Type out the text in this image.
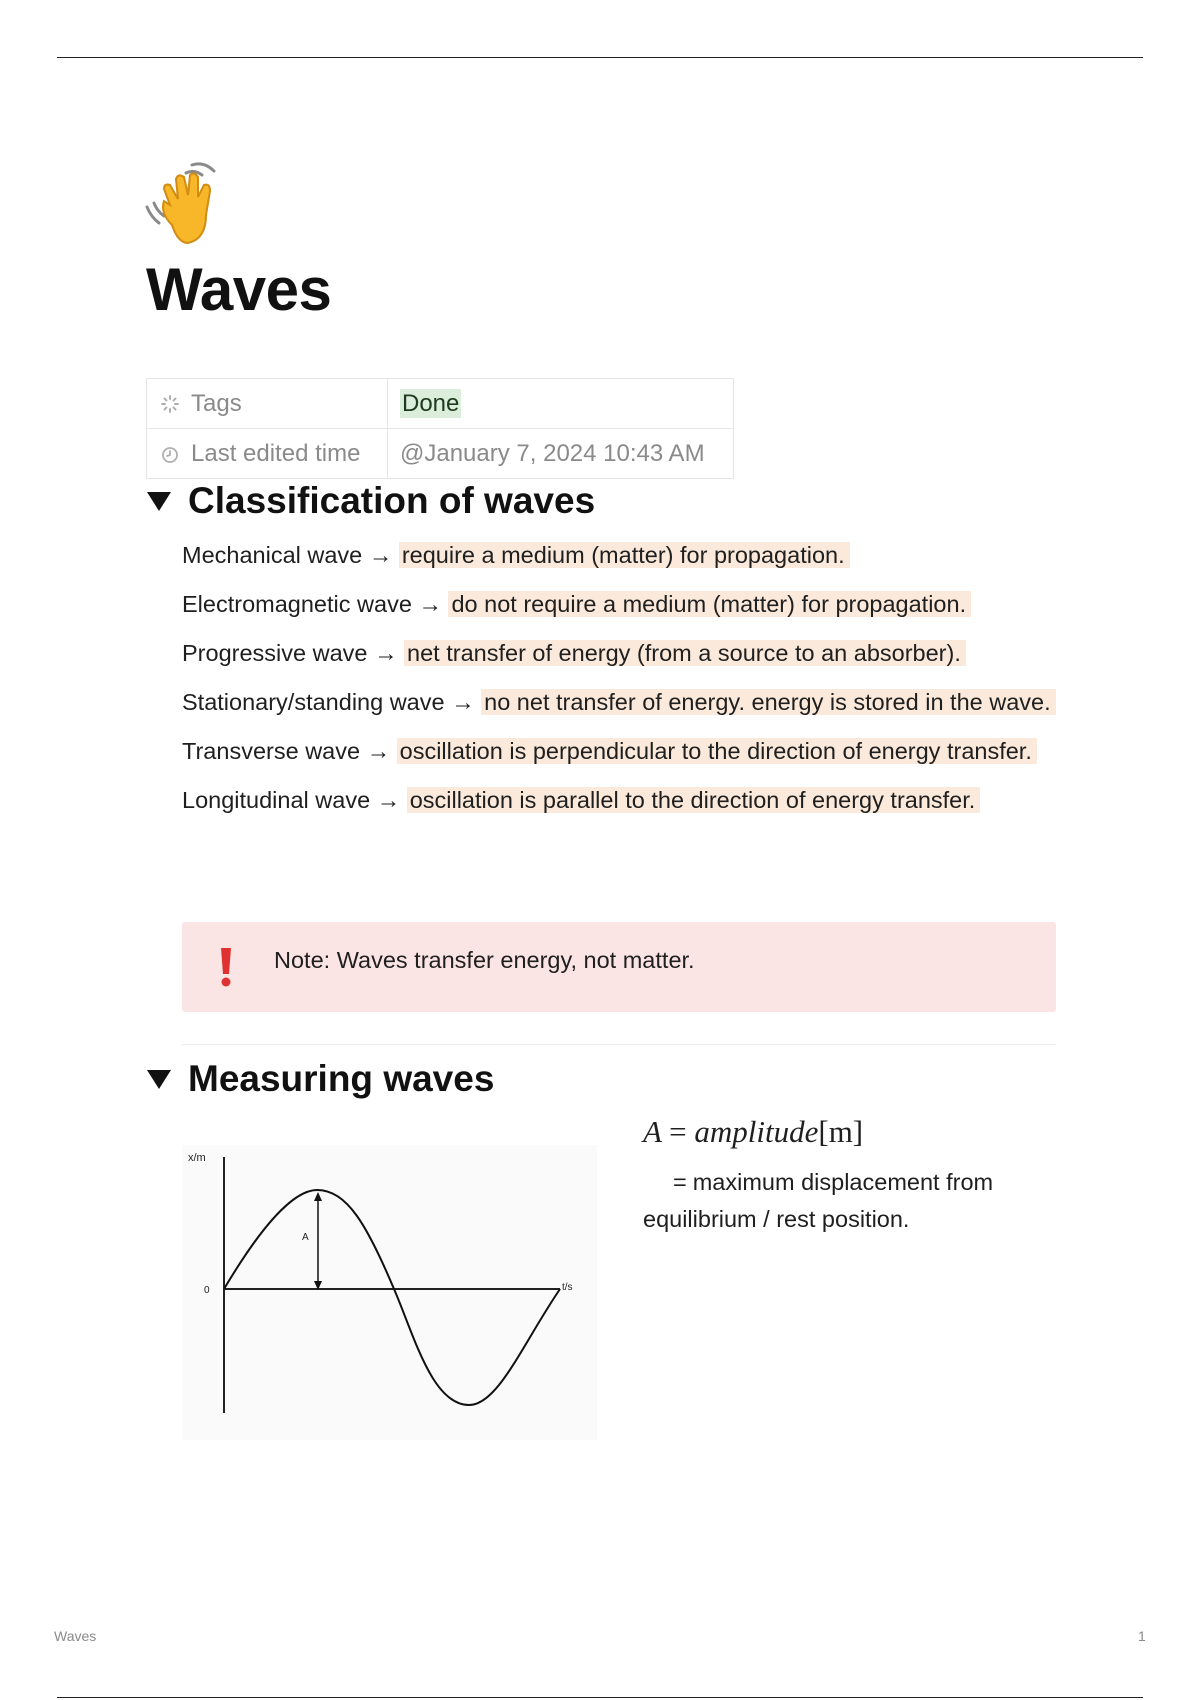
Waves
Tags	Done
Last edited time	@January 7, 2024 10:43 AM
Classification of waves

Mechanical wave → require a medium (matter) for propagation.

Electromagnetic wave → do not require a medium (matter) for propagation.

Progressive wave → net transfer of energy (from a source to an absorber).

Stationary/standing wave → no net transfer of energy. energy is stored in the wave.

Transverse wave → oscillation is perpendicular to the direction of energy transfer.

Longitudinal wave → oscillation is parallel to the direction of energy transfer.

Note: Waves transfer energy, not matter.
Measuring waves
x/m
t/s
0
A

A = amplitude[m]

= maximum displacement from equilibrium / rest position.

Waves	1
